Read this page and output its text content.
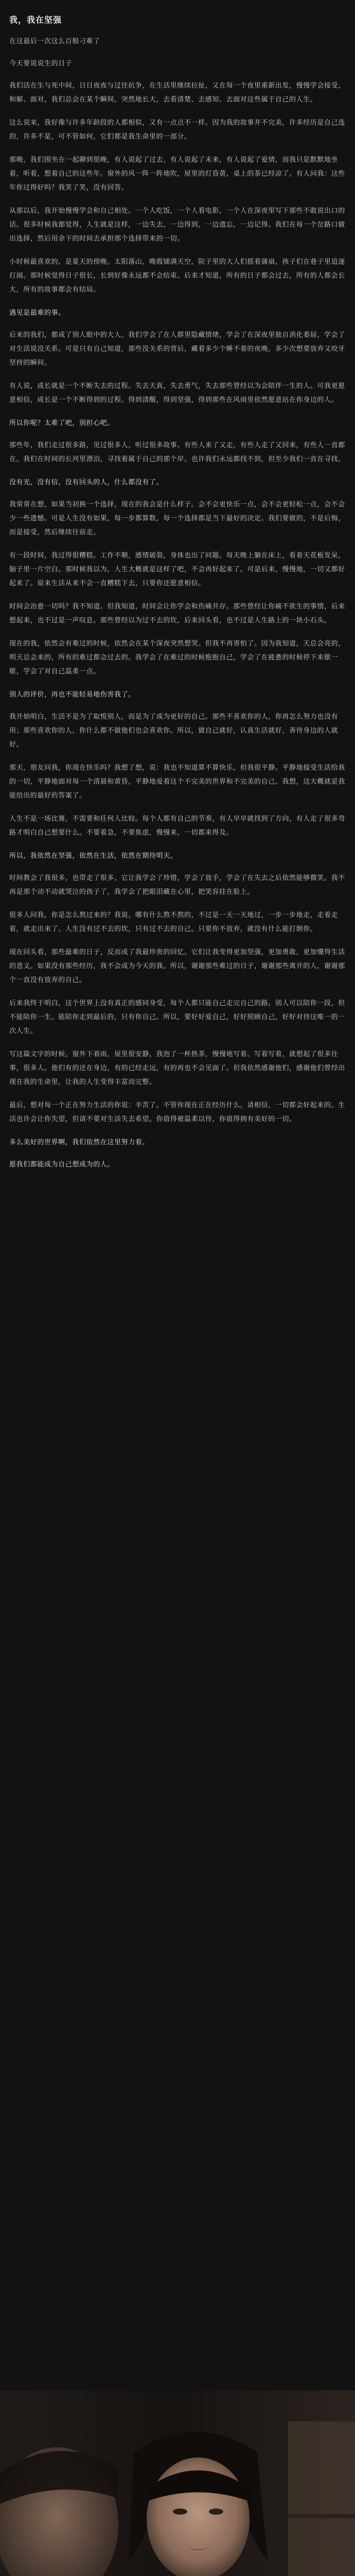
我，我在坚强

在这最后一次这么百般刁难了

今天要说说生的日子

我们活在生与死中间，日日夜夜与过往抗争，在生活里继续拉扯，又在每一个夜里重新出发，慢慢学会接受、和解、面对，我们总会在某个瞬间，突然地长大，去看清楚、去感知、去面对这些属于自己的人生。

这么说来，我好像与许多年龄段的人都相似，又有一点点不一样。因为我的故事并不完美，许多经历是自己选的，许多不是，可不管如何，它们都是我生命里的一部分。

那晚，我们围坐在一起聊到很晚，有人说起了过去，有人说起了未来，有人说起了爱情，而我只是默默地坐着，听着，想着自己的这些年。窗外的风一阵一阵地吹，屋里的灯昏黄，桌上的茶已经凉了。有人问我：这些年你过得好吗？我笑了笑，没有回答。

从那以后，我开始慢慢学会和自己相处。一个人吃饭，一个人看电影，一个人在深夜里写下那些不敢说出口的话。很多时候我都觉得，人生就是这样，一边失去，一边得到，一边遗忘，一边记得。我们在每一个岔路口做出选择，然后用余下的时间去承担那个选择带来的一切。

小时候最喜欢的，是夏天的傍晚。太阳落山，晚霞铺满天空，院子里的大人们摇着蒲扇，孩子们在巷子里追逐打闹。那时候觉得日子很长，长到好像永远都不会结束。后来才知道，所有的日子都会过去，所有的人都会长大，所有的故事都会有结局。

遇见是最难的事。

后来的我们，都成了别人眼中的大人。我们学会了在人群里隐藏情绪，学会了在深夜里独自消化委屈，学会了对生活说没关系。可是只有自己知道，那些没关系的背后，藏着多少个睡不着的夜晚，多少次想要放弃又咬牙坚持的瞬间。

有人说，成长就是一个不断失去的过程。失去天真，失去勇气，失去那些曾经以为会陪伴一生的人。可我更愿意相信，成长是一个不断得到的过程。得到清醒，得到坚强，得到那些在风雨里依然愿意站在你身边的人。

所以你呢？太难了吧，别担心吧。

那些年，我们走过很多路，见过很多人，听过很多故事。有些人来了又走，有些人走了又回来，有些人一直都在。我们在时间的长河里漂泊，寻找着属于自己的那个岸。也许我们永远都找不到，但至少我们一直在寻找。

没有光，没有信，没有回头的人，什么都没有了。

我常常在想，如果当初换一个选择，现在的我会是什么样子。会不会更快乐一点，会不会更轻松一点，会不会少一些遗憾。可是人生没有如果，每一步都算数，每一个选择都是当下最好的决定。我们要做的，不是后悔，而是接受，然后继续往前走。

有一段时间，我过得很糟糕。工作不顺，感情破裂，身体也出了问题。每天晚上躺在床上，看着天花板发呆，脑子里一片空白。那时候我以为，人生大概就是这样了吧，不会再好起来了。可是后来，慢慢地，一切又都好起来了。原来生活从来不会一直糟糕下去，只要你还愿意相信。

时间会治愈一切吗？我不知道。但我知道，时间会让你学会和伤痛共存。那些曾经让你痛不欲生的事情，后来想起来，也不过是一声叹息。那些曾经以为过不去的坎，后来回头看，也不过是人生路上的一块小石头。

现在的我，依然会有难过的时候，依然会在某个深夜突然想哭。但我不再害怕了。因为我知道，天总会亮的，明天总会来的，所有的难过都会过去的。我学会了在难过的时候抱抱自己，学会了在疲惫的时候停下来歇一歇，学会了对自己温柔一点。

别人的评价，再也不能轻易地伤害我了。

我开始明白，生活不是为了取悦别人，而是为了成为更好的自己。那些不喜欢你的人，你再怎么努力也没有用；那些喜欢你的人，你什么都不做他们也会喜欢你。所以，做自己就好，认真生活就好，善待身边的人就好。

那天，朋友问我，你现在快乐吗？我想了想，说：我也不知道算不算快乐，但我很平静。平静地接受生活给我的一切，平静地面对每一个清晨和黄昏，平静地爱着这个不完美的世界和不完美的自己。我想，这大概就是我能给出的最好的答案了。

人生不是一场比赛，不需要和任何人比较。每个人都有自己的节奏，有人早早就找到了方向，有人走了很多弯路才明白自己想要什么。不要着急，不要焦虑，慢慢来，一切都来得及。

所以，我依然在坚强，依然在生活，依然在期待明天。

时间教会了我很多，也带走了很多。它让我学会了珍惜，学会了放手，学会了在失去之后依然能够微笑。我不再是那个动不动就哭泣的孩子了，我学会了把眼泪藏在心里，把笑容挂在脸上。

很多人问我，你是怎么熬过来的？我说，哪有什么熬不熬的，不过是一天一天地过，一步一步地走，走着走着，就走出来了。人生没有过不去的坎，只有过不去的自己。只要你不放弃，就没有什么能打倒你。

现在回头看，那些最难的日子，反而成了我最珍贵的回忆。它们让我变得更加坚强，更加勇敢，更加懂得生活的意义。如果没有那些经历，我不会成为今天的我。所以，谢谢那些难过的日子，谢谢那些离开的人，谢谢那个一直没有放弃的自己。

后来我终于明白，这个世界上没有真正的感同身受，每个人都只能自己走完自己的路。别人可以陪你一段，但不能陪你一生。能陪你走到最后的，只有你自己。所以，要好好爱自己，好好照顾自己，好好对待这唯一的一次人生。

写这篇文字的时候，窗外下着雨，屋里很安静，我泡了一杯热茶，慢慢地写着。写着写着，就想起了很多往事，很多人。他们有的还在身边，有的已经走远，有的再也不会见面了。但我依然感谢他们，感谢他们曾经出现在我的生命里，让我的人生变得丰富而完整。

最后，想对每一个正在努力生活的你说：辛苦了。不管你现在正在经历什么，请相信，一切都会好起来的。生活也许会让你失望，但请不要对生活失去希望。你值得被温柔以待，你值得拥有美好的一切。

多么美好的世界啊，我们依然在这里努力着。

愿我们都能成为自己想成为的人。
